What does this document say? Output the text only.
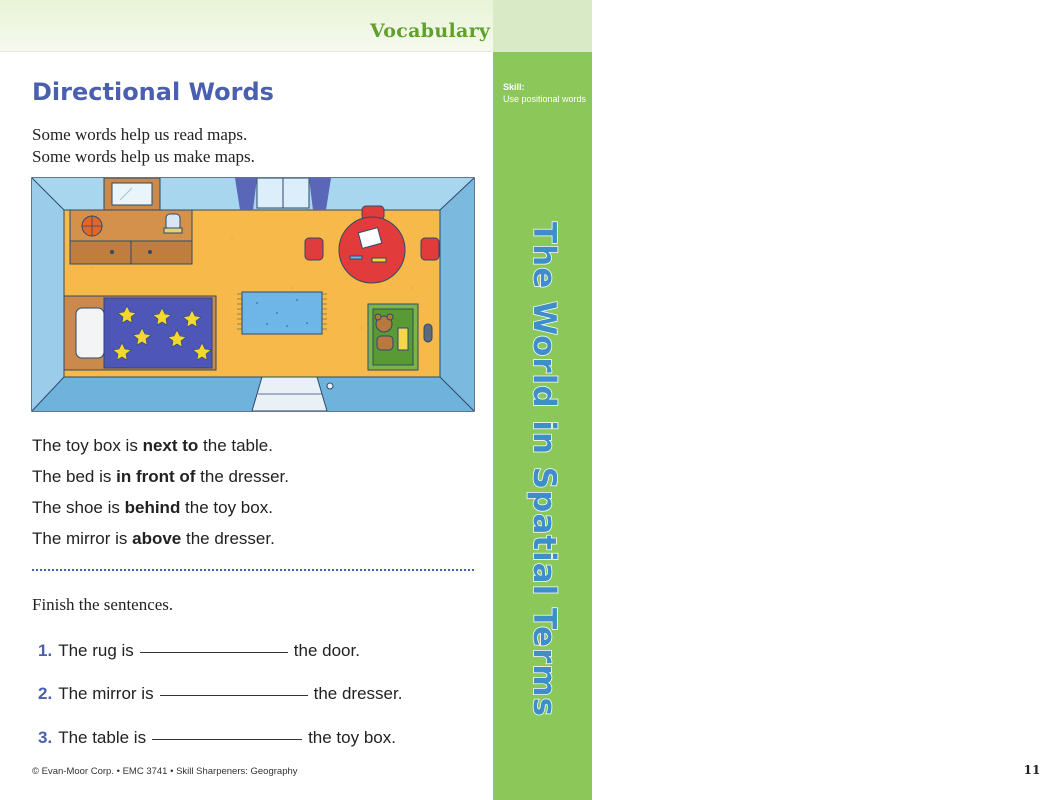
Vocabulary
Skill:
Use positional words
The World in Spatial Terms
11
Directional Words
Some words help us read maps.
Some words help us make maps.
The toy box is next to the table.
The bed is in front of the dresser.
The shoe is behind the toy box.
The mirror is above the dresser.
Finish the sentences.
1. The rug is	the door.
2. The mirror is	the dresser.
3. The table is	the toy box.
© Evan-Moor Corp. • EMC 3741 • Skill Sharpeners: Geography
